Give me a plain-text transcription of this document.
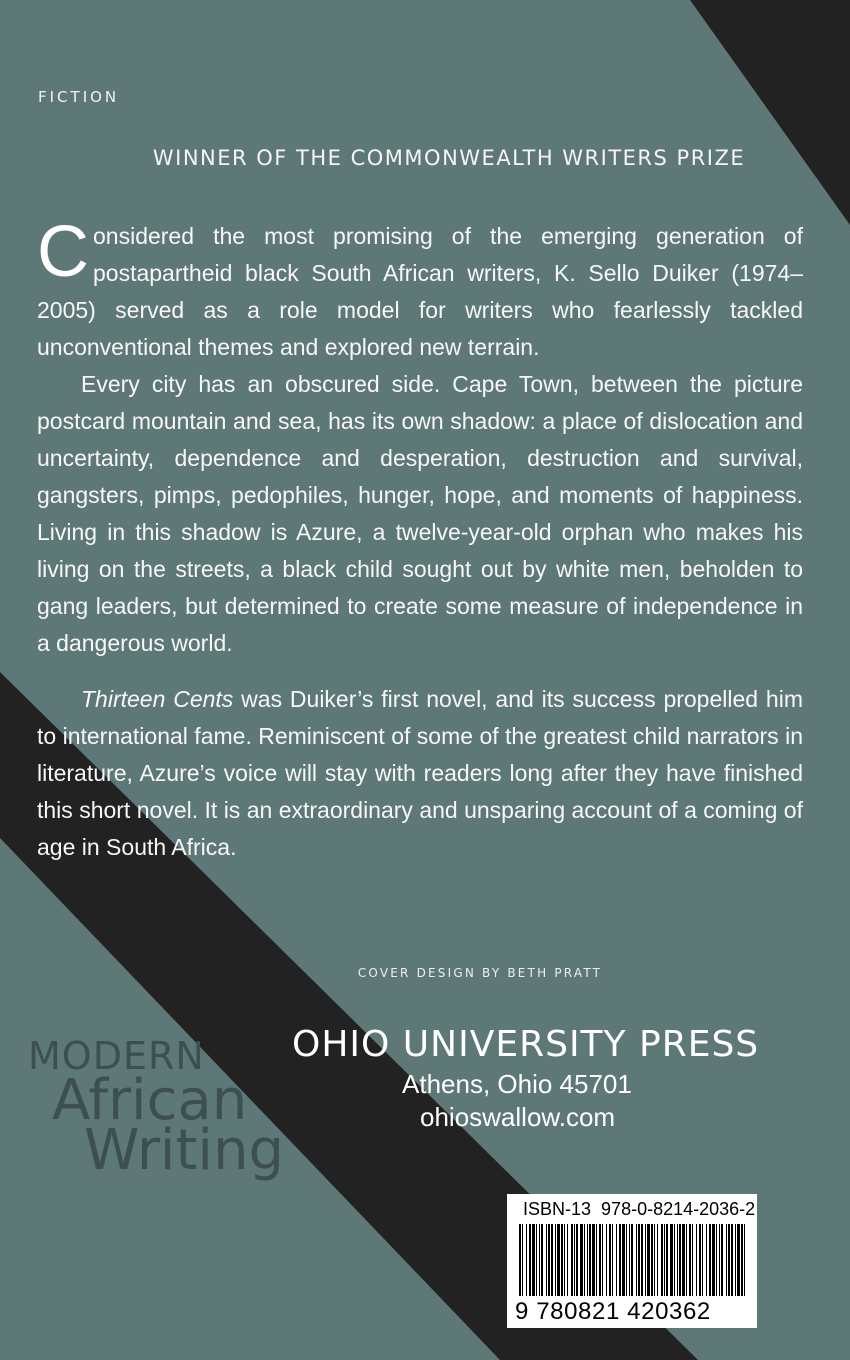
FICTION
WINNER OF THE COMMONWEALTH WRITERS PRIZE

Considered the most promising of the emerging generation of postapartheid black South African writers, K. Sello Duiker (1974–2005) served as a role model for writers who fearlessly tackled unconventional themes and explored new terrain.

Every city has an obscured side. Cape Town, between the picture postcard mountain and sea, has its own shadow: a place of dislocation and uncertainty, dependence and desperation, destruction and survival, gangsters, pimps, pedophiles, hunger, hope, and moments of happiness. Living in this shadow is Azure, a twelve-year-old orphan who makes his living on the streets, a black child sought out by white men, beholden to gang leaders, but determined to create some measure of independence in a dangerous world.

Thirteen Cents was Duiker’s first novel, and its success propelled him to international fame. Reminiscent of some of the greatest child narrators in literature, Azure’s voice will stay with readers long after they have finished this short novel. It is an extraordinary and unsparing account of a coming of age in South Africa.

COVER DESIGN BY BETH PRATT
MODERN
African
Writing
OHIO UNIVERSITY PRESS
Athens, Ohio 45701
ohioswallow.com
ISBN-13 978-0-8214-2036-2
9 780821 420362
